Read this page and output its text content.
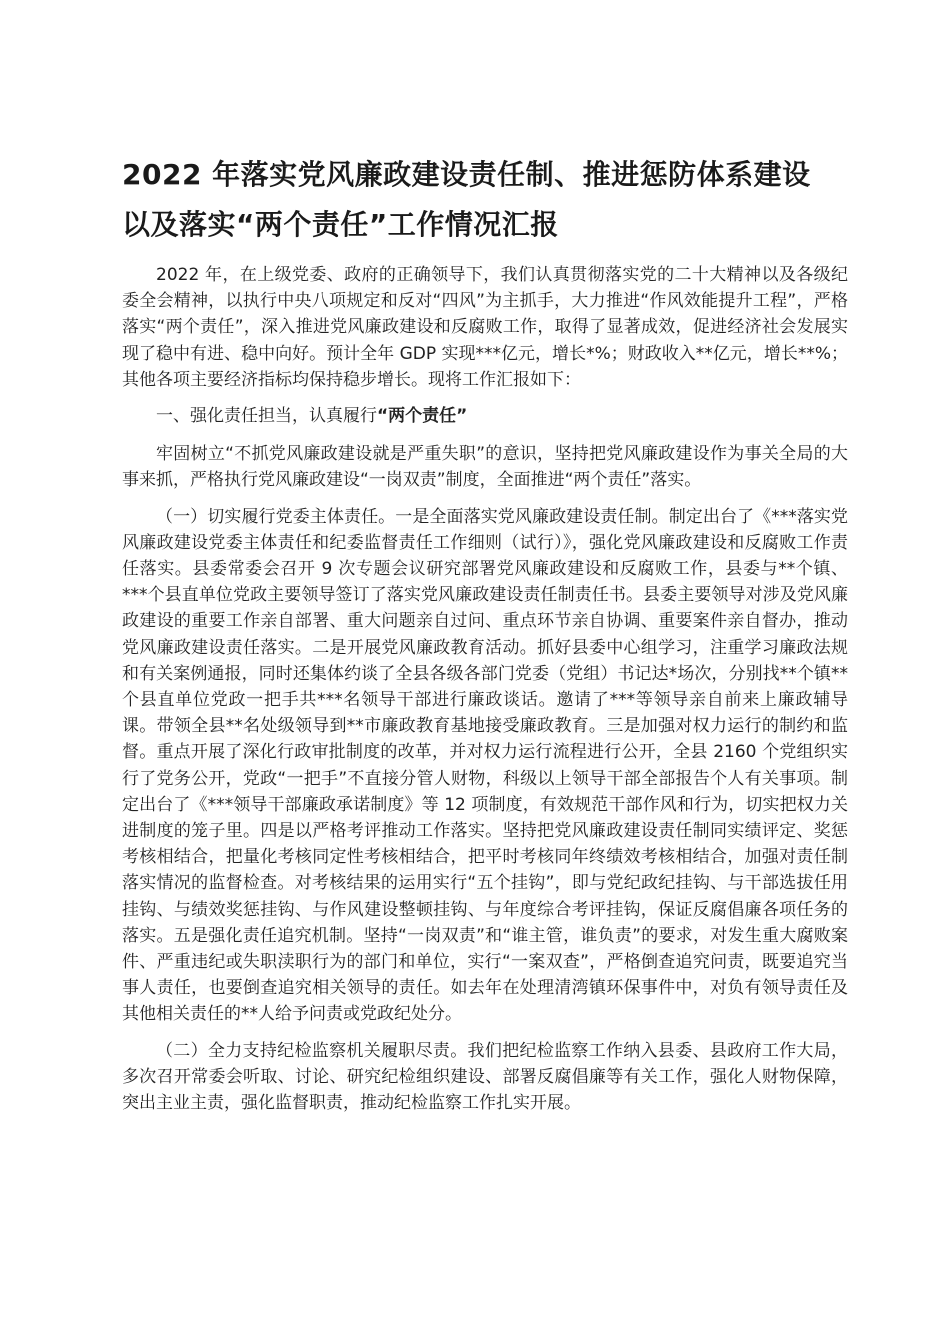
2022 年落实党风廉政建设责任制、推进惩防体系建设
以及落实“两个责任”工作情况汇报

2022 年，在上级党委、政府的正确领导下，我们认真贯彻落实党的二十大精神以及各级纪委全会精神，以执行中央八项规定和反对“四风”为主抓手，大力推进“作风效能提升工程”，严格落实“两个责任”，深入推进党风廉政建设和反腐败工作，取得了显著成效，促进经济社会发展实现了稳中有进、稳中向好。预计全年 GDP 实现***亿元，增长*%；财政收入**亿元，增长**%；其他各项主要经济指标均保持稳步增长。现将工作汇报如下：

一、强化责任担当，认真履行“两个责任”

牢固树立“不抓党风廉政建设就是严重失职”的意识，坚持把党风廉政建设作为事关全局的大事来抓，严格执行党风廉政建设“一岗双责”制度，全面推进“两个责任”落实。

（一）切实履行党委主体责任。一是全面落实党风廉政建设责任制。制定出台了《***落实党风廉政建设党委主体责任和纪委监督责任工作细则（试行）》，强化党风廉政建设和反腐败工作责任落实。县委常委会召开 9 次专题会议研究部署党风廉政建设和反腐败工作，县委与**个镇、***个县直单位党政主要领导签订了落实党风廉政建设责任制责任书。县委主要领导对涉及党风廉政建设的重要工作亲自部署、重大问题亲自过问、重点环节亲自协调、重要案件亲自督办，推动党风廉政建设责任落实。二是开展党风廉政教育活动。抓好县委中心组学习，注重学习廉政法规和有关案例通报，同时还集体约谈了全县各级各部门党委（党组）书记达*场次，分别找**个镇**个县直单位党政一把手共***名领导干部进行廉政谈话。邀请了***等领导亲自前来上廉政辅导课。带领全县**名处级领导到**市廉政教育基地接受廉政教育。三是加强对权力运行的制约和监督。重点开展了深化行政审批制度的改革，并对权力运行流程进行公开，全县 2160 个党组织实行了党务公开，党政“一把手”不直接分管人财物，科级以上领导干部全部报告个人有关事项。制定出台了《***领导干部廉政承诺制度》等 12 项制度，有效规范干部作风和行为，切实把权力关进制度的笼子里。四是以严格考评推动工作落实。坚持把党风廉政建设责任制同实绩评定、奖惩考核相结合，把量化考核同定性考核相结合，把平时考核同年终绩效考核相结合，加强对责任制落实情况的监督检查。对考核结果的运用实行“五个挂钩”，即与党纪政纪挂钩、与干部选拔任用挂钩、与绩效奖惩挂钩、与作风建设整顿挂钩、与年度综合考评挂钩，保证反腐倡廉各项任务的落实。五是强化责任追究机制。坚持“一岗双责”和“谁主管，谁负责”的要求，对发生重大腐败案件、严重违纪或失职渎职行为的部门和单位，实行“一案双查”，严格倒查追究问责，既要追究当事人责任，也要倒查追究相关领导的责任。如去年在处理清湾镇环保事件中，对负有领导责任及其他相关责任的**人给予问责或党政纪处分。

（二）全力支持纪检监察机关履职尽责。我们把纪检监察工作纳入县委、县政府工作大局，多次召开常委会听取、讨论、研究纪检组织建设、部署反腐倡廉等有关工作，强化人财物保障，突出主业主责，强化监督职责，推动纪检监察工作扎实开展。
